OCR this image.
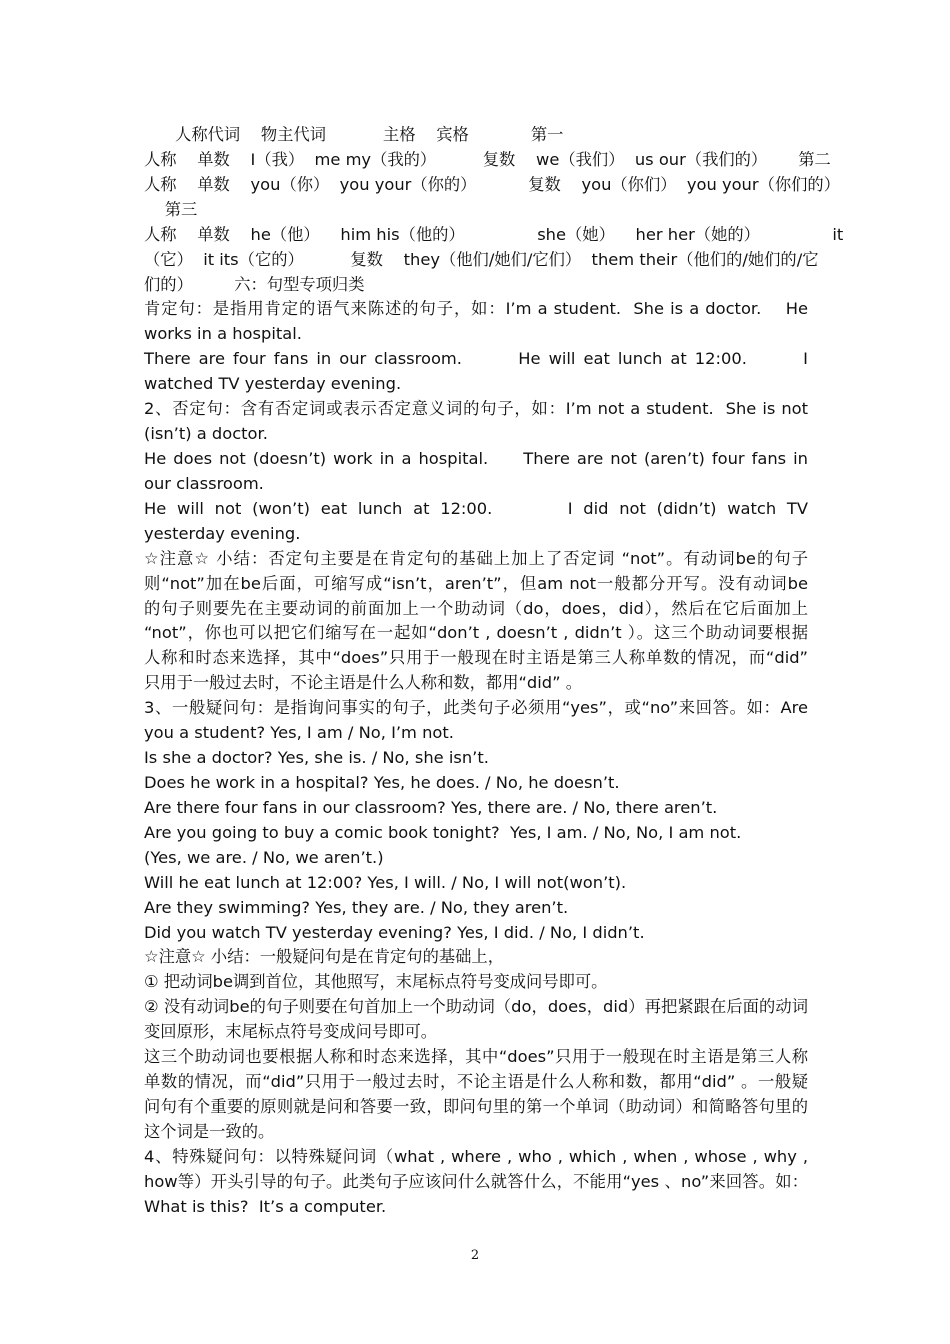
人称代词    物主代词           主格    宾格            第一
人称    单数    I（我）  me my（我的）         复数    we（我们）  us our（我们的）      第二
人称    单数    you（你）  you your（你的）          复数    you（你们）  you your（你们的）
第三
人称    单数    he（他）    him his（他的）              she（她）    her her（她的）              it
（它）  it its（它的）         复数    they（他们/她们/它们）  them their（他们的/她们的/它
们的）        六：句型专项归类
肯定句：是指用肯定的语气来陈述的句子，如：I’m a student.  She is a doctor.    He
works in a hospital.
There are four fans in our classroom.       He will eat lunch at 12:00.       I
watched TV yesterday evening.
2、否定句：含有否定词或表示否定意义词的句子，如：I’m not a student.  She is not
(isn’t) a doctor.
He does not (doesn’t) work in a hospital.     There are not (aren’t) four fans in
our classroom.
He will not (won’t) eat lunch at 12:00.       I did not (didn’t) watch TV
yesterday evening.
☆注意☆ 小结：否定句主要是在肯定句的基础上加上了否定词 “not”。有动词be的句子
则“not”加在be后面，可缩写成“isn’t，aren’t”，但am not一般都分开写。没有动词be
的句子则要先在主要动词的前面加上一个助动词（do，does，did），然后在它后面加上
“not”，你也可以把它们缩写在一起如“don’t , doesn’t , didn’t ）。这三个助动词要根据
人称和时态来选择，其中“does”只用于一般现在时主语是第三人称单数的情况，而“did”
只用于一般过去时，不论主语是什么人称和数，都用“did” 。
3、一般疑问句：是指询问事实的句子，此类句子必须用“yes”，或“no”来回答。如：Are
you a student? Yes, I am / No, I’m not.
Is she a doctor? Yes, she is. / No, she isn’t.
Does he work in a hospital? Yes, he does. / No, he doesn’t.
Are there four fans in our classroom? Yes, there are. / No, there aren’t.
Are you going to buy a comic book tonight?  Yes, I am. / No, No, I am not.
(Yes, we are. / No, we aren’t.)
Will he eat lunch at 12:00? Yes, I will. / No, I will not(won’t).
Are they swimming? Yes, they are. / No, they aren’t.
Did you watch TV yesterday evening? Yes, I did. / No, I didn’t.
☆注意☆ 小结：一般疑问句是在肯定句的基础上，
① 把动词be调到首位，其他照写，末尾标点符号变成问号即可。
② 没有动词be的句子则要在句首加上一个助动词（do，does，did）再把紧跟在后面的动词
变回原形，末尾标点符号变成问号即可。
这三个助动词也要根据人称和时态来选择，其中“does”只用于一般现在时主语是第三人称
单数的情况，而“did”只用于一般过去时，不论主语是什么人称和数，都用“did” 。一般疑
问句有个重要的原则就是问和答要一致，即问句里的第一个单词（助动词）和简略答句里的
这个词是一致的。
4、特殊疑问句：以特殊疑问词（what , where , who , which , when , whose , why ,
how等）开头引导的句子。此类句子应该问什么就答什么，不能用“yes 、no”来回答。如：
What is this?  It’s a computer.
2
